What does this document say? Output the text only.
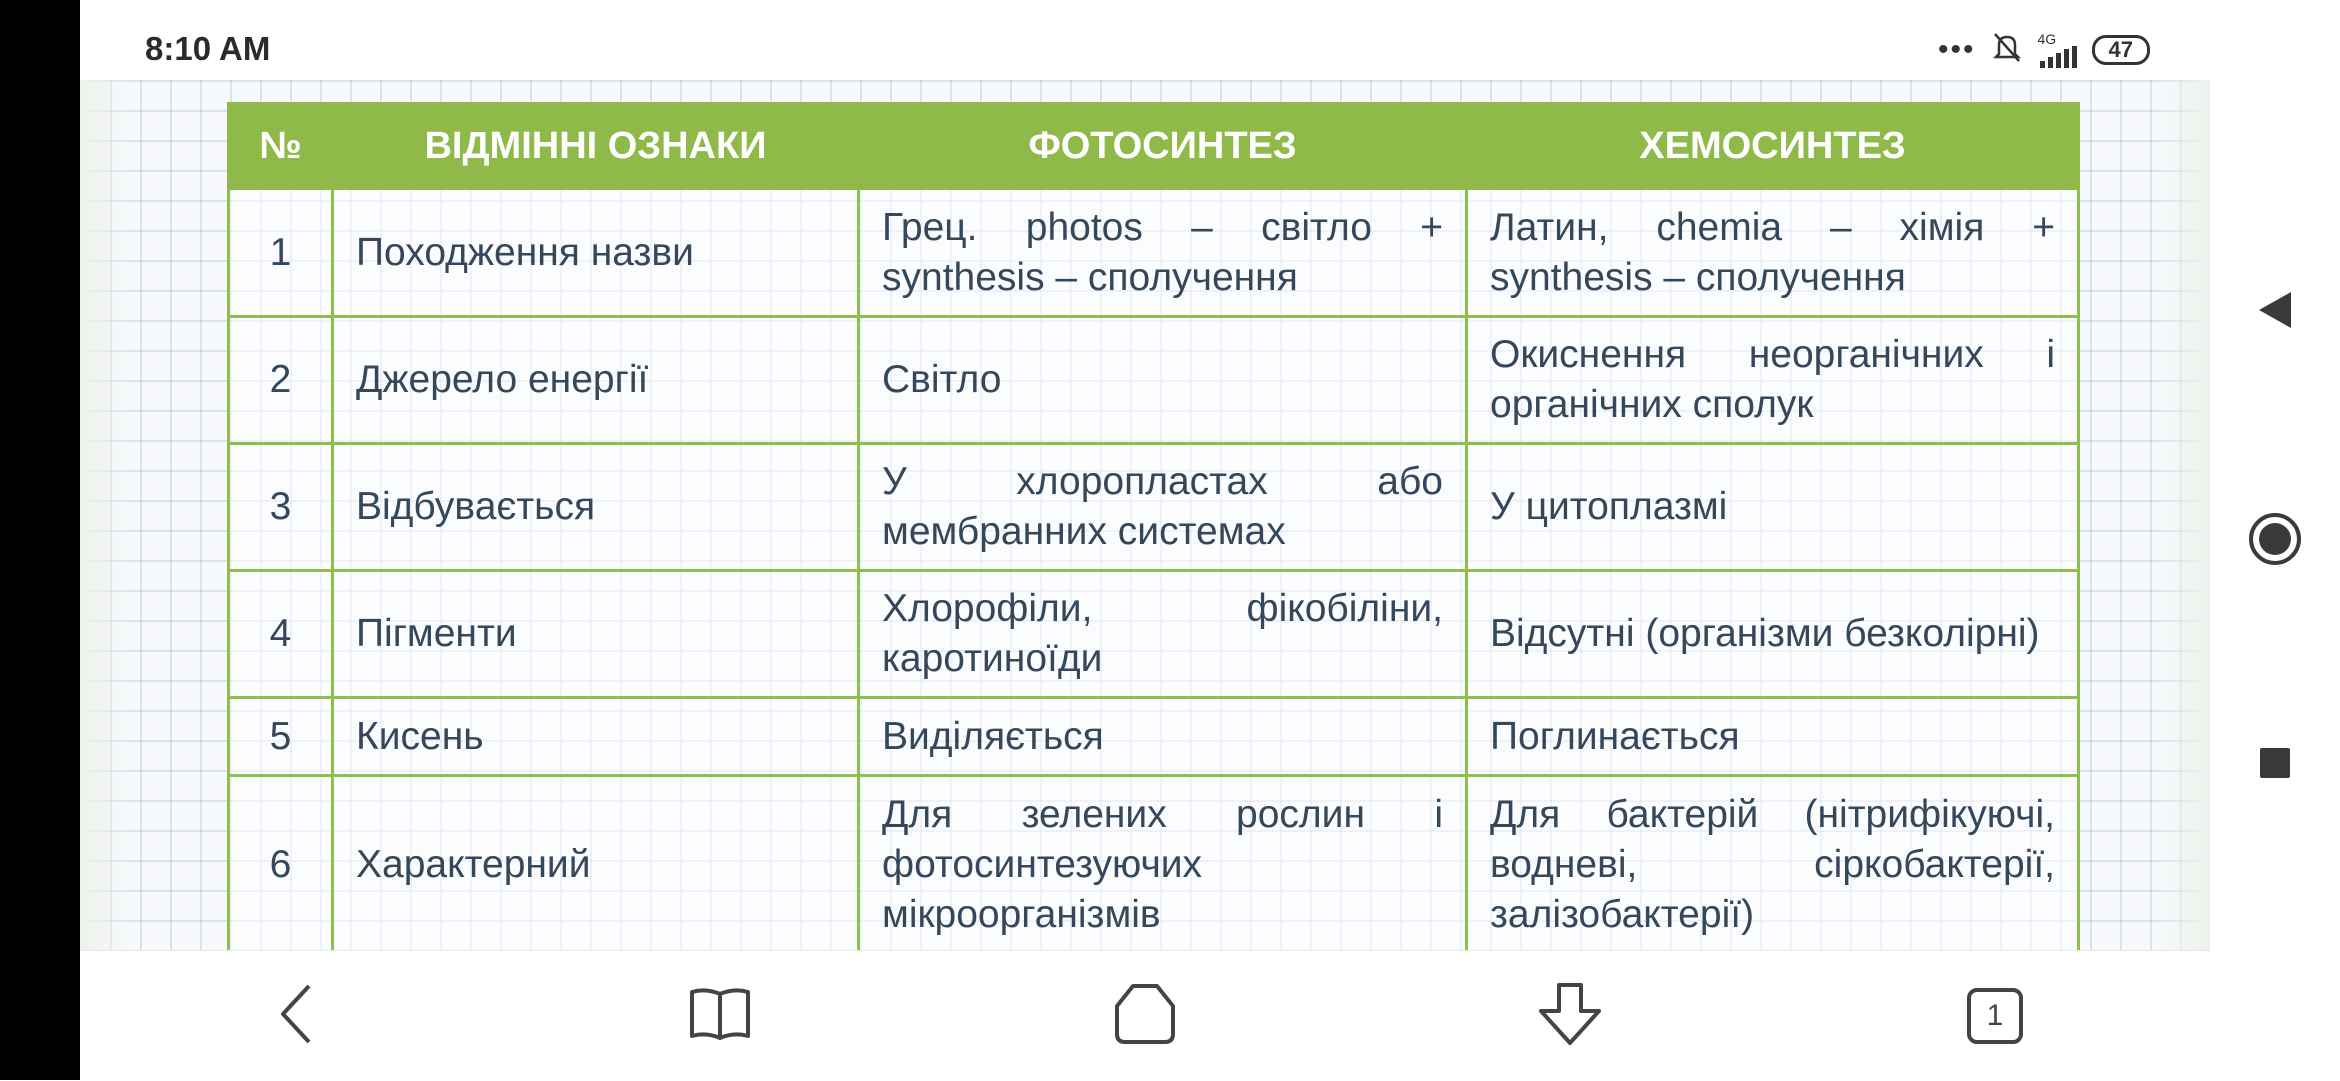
8:10 AM	•••	4G	47
№	ВІДМІННІ ОЗНАКИ	ФОТОСИНТЕЗ	ХЕМОСИНТЕЗ
1	Походження назви	Грец. photos – світло + synthesis – сполучення	Латин, chemia – хімія + synthesis – сполучення
2	Джерело енергії	Світло	Окиснення неорганічних і органічних сполук
3	Відбувається	У хлоропластах або мембранних системах	У цитоплазмі
4	Пігменти	Хлорофіли, фікобіліни, каротиноїди	Відсутні (організми безколірні)
5	Кисень	Виділяється	Поглинається
6	Характерний	Для зелених рослин і фотосинтезуючих мікроорганізмів	Для бактерій (нітрифікуючі, водневі, сіркобактерії, залізобактерії)
1
